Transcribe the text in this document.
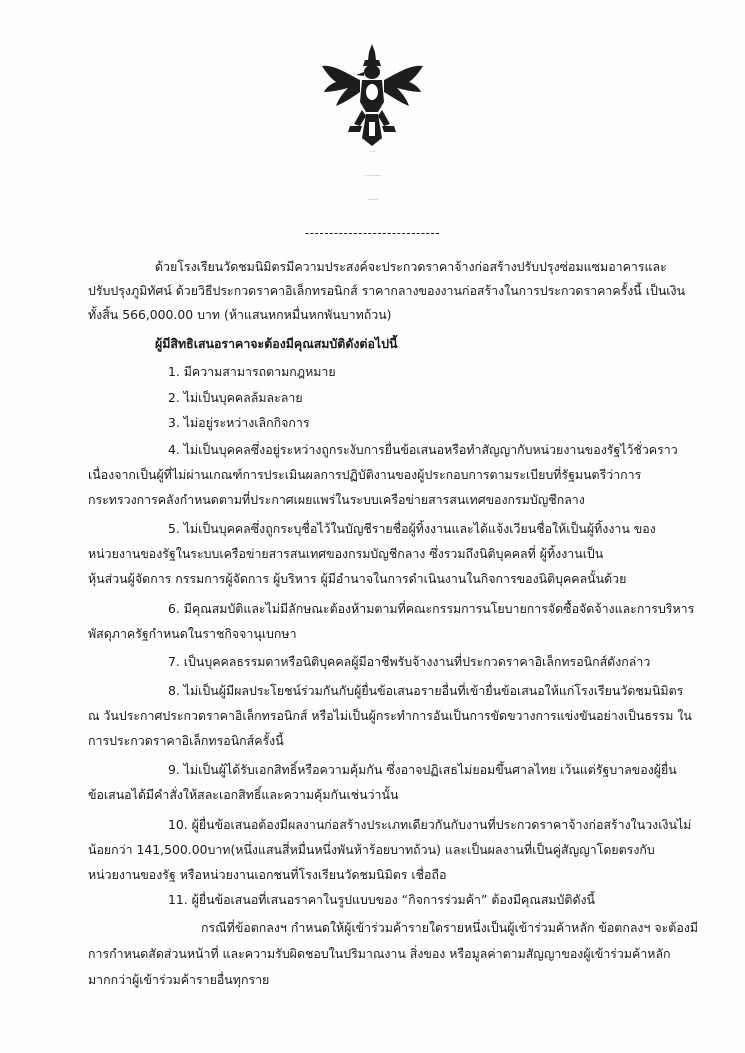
----------------------------
ด้วยโรงเรียนวัดชมนิมิตรมีความประสงค์จะประกวดราคาจ้างก่อสร้างปรับปรุงซ่อมแซมอาคารและ
ปรับปรุงภูมิทัศน์ ด้วยวิธีประกวดราคาอิเล็กทรอนิกส์ ราคากลางของงานก่อสร้างในการประกวดราคาครั้งนี้ เป็นเงิน
ทั้งสิ้น 566,000.00 บาท (ห้าแสนหกหมื่นหกพันบาทถ้วน)
ผู้มีสิทธิเสนอราคาจะต้องมีคุณสมบัติดังต่อไปนี้
1. มีความสามารถตามกฎหมาย
2. ไม่เป็นบุคคลล้มละลาย
3. ไม่อยู่ระหว่างเลิกกิจการ
4. ไม่เป็นบุคคลซึ่งอยู่ระหว่างถูกระงับการยื่นข้อเสนอหรือทำสัญญากับหน่วยงานของรัฐไว้ชั่วคราว
เนื่องจากเป็นผู้ที่ไม่ผ่านเกณฑ์การประเมินผลการปฏิบัติงานของผู้ประกอบการตามระเบียบที่รัฐมนตรีว่าการ
กระทรวงการคลังกำหนดตามที่ประกาศเผยแพร่ในระบบเครือข่ายสารสนเทศของกรมบัญชีกลาง
5. ไม่เป็นบุคคลซึ่งถูกระบุชื่อไว้ในบัญชีรายชื่อผู้ทิ้งงานและได้แจ้งเวียนชื่อให้เป็นผู้ทิ้งงาน ของ
หน่วยงานของรัฐในระบบเครือข่ายสารสนเทศของกรมบัญชีกลาง ซึ่งรวมถึงนิติบุคคลที่ ผู้ทิ้งงานเป็น
หุ้นส่วนผู้จัดการ กรรมการผู้จัดการ ผู้บริหาร ผู้มีอำนาจในการดำเนินงานในกิจการของนิติบุคคลนั้นด้วย
6. มีคุณสมบัติและไม่มีลักษณะต้องห้ามตามที่คณะกรรมการนโยบายการจัดซื้อจัดจ้างและการบริหาร
พัสดุภาครัฐกำหนดในราชกิจจานุเบกษา
7. เป็นบุคคลธรรมดาหรือนิติบุคคลผู้มีอาชีพรับจ้างงานที่ประกวดราคาอิเล็กทรอนิกส์ดังกล่าว
8. ไม่เป็นผู้มีผลประโยชน์ร่วมกันกับผู้ยื่นข้อเสนอรายอื่นที่เข้ายื่นข้อเสนอให้แก่โรงเรียนวัดชมนิมิตร
ณ วันประกาศประกวดราคาอิเล็กทรอนิกส์ หรือไม่เป็นผู้กระทำการอันเป็นการขัดขวางการแข่งขันอย่างเป็นธรรม ใน
การประกวดราคาอิเล็กทรอนิกส์ครั้งนี้
9. ไม่เป็นผู้ได้รับเอกสิทธิ์หรือความคุ้มกัน ซึ่งอาจปฏิเสธไม่ยอมขึ้นศาลไทย เว้นแต่รัฐบาลของผู้ยื่น
ข้อเสนอได้มีคำสั่งให้สละเอกสิทธิ์และความคุ้มกันเช่นว่านั้น
10. ผู้ยื่นข้อเสนอต้องมีผลงานก่อสร้างประเภทเดียวกันกับงานที่ประกวดราคาจ้างก่อสร้างในวงเงินไม่
น้อยกว่า 141,500.00บาท(หนึ่งแสนสี่หมื่นหนึ่งพันห้าร้อยบาทถ้วน) และเป็นผลงานที่เป็นคู่สัญญาโดยตรงกับ
หน่วยงานของรัฐ หรือหน่วยงานเอกชนที่โรงเรียนวัดชมนิมิตร เชื่อถือ
11. ผู้ยื่นข้อเสนอที่เสนอราคาในรูปแบบของ “กิจการร่วมค้า” ต้องมีคุณสมบัติดังนี้
กรณีที่ข้อตกลงฯ กำหนดให้ผู้เข้าร่วมค้ารายใดรายหนึ่งเป็นผู้เข้าร่วมค้าหลัก ข้อตกลงฯ จะต้องมี
การกำหนดสัดส่วนหน้าที่ และความรับผิดชอบในปริมาณงาน สิ่งของ หรือมูลค่าตามสัญญาของผู้เข้าร่วมค้าหลัก
มากกว่าผู้เข้าร่วมค้ารายอื่นทุกราย
